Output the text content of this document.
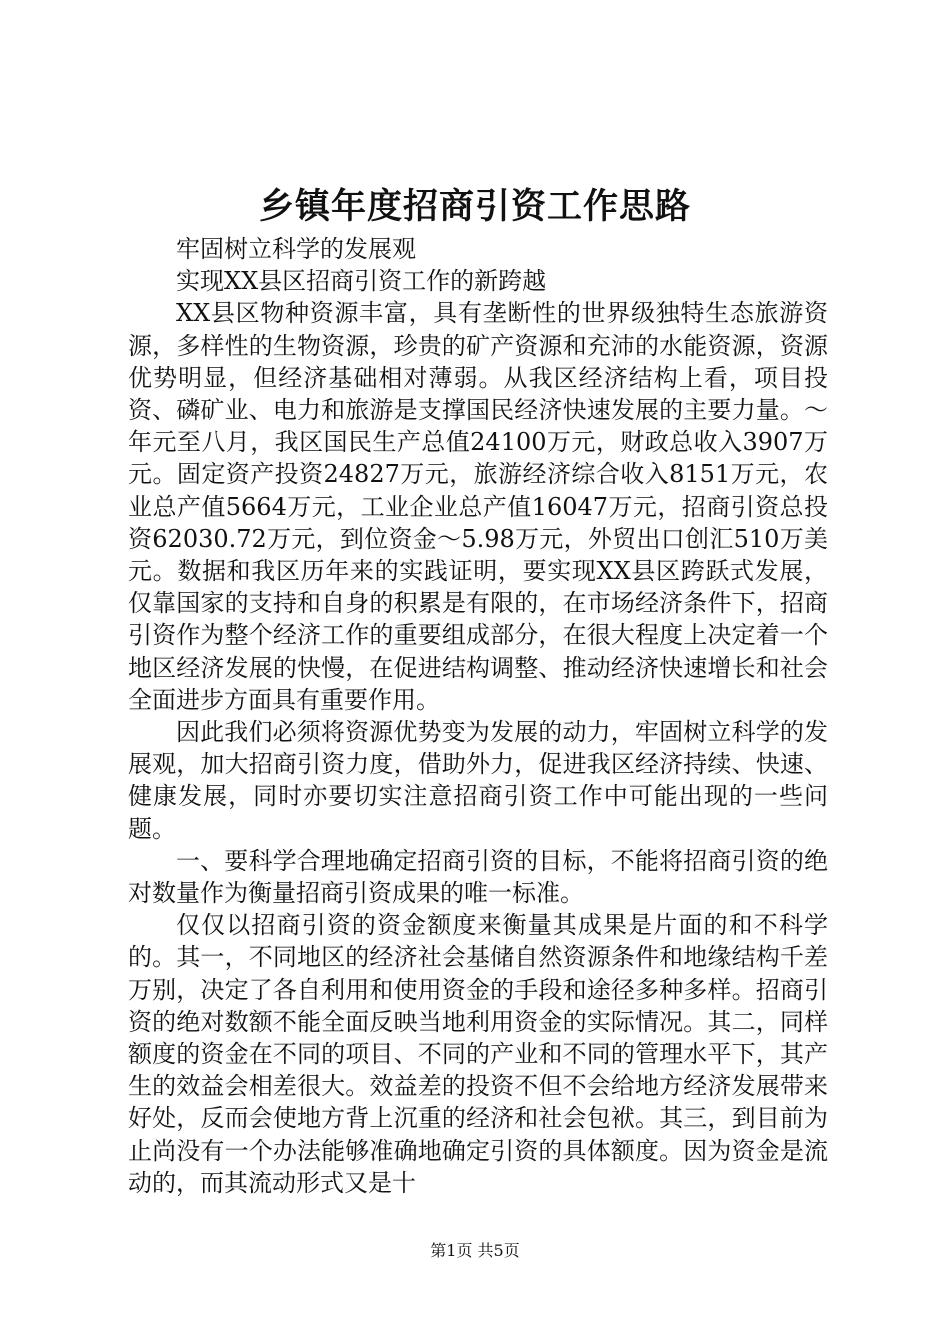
乡镇年度招商引资工作思路

牢固树立科学的发展观

实现XX县区招商引资工作的新跨越

XX县区物种资源丰富，具有垄断性的世界级独特生态旅游资源，多样性的生物资源，珍贵的矿产资源和充沛的水能资源，资源优势明显，但经济基础相对薄弱。从我区经济结构上看，项目投资、磷矿业、电力和旅游是支撑国民经济快速发展的主要力量。～年元至八月，我区国民生产总值24100万元，财政总收入3907万元。固定资产投资24827万元，旅游经济综合收入8151万元，农业总产值5664万元，工业企业总产值16047万元，招商引资总投资62030.72万元，到位资金～5.98万元，外贸出口创汇510万美元。数据和我区历年来的实践证明，要实现XX县区跨跃式发展，仅靠国家的支持和自身的积累是有限的，在市场经济条件下，招商引资作为整个经济工作的重要组成部分，在很大程度上决定着一个地区经济发展的快慢，在促进结构调整、推动经济快速增长和社会全面进步方面具有重要作用。

因此我们必须将资源优势变为发展的动力，牢固树立科学的发展观，加大招商引资力度，借助外力，促进我区经济持续、快速、健康发展，同时亦要切实注意招商引资工作中可能出现的一些问题。

一、要科学合理地确定招商引资的目标，不能将招商引资的绝对数量作为衡量招商引资成果的唯一标准。

仅仅以招商引资的资金额度来衡量其成果是片面的和不科学的。其一，不同地区的经济社会基储自然资源条件和地缘结构千差万别，决定了各自利用和使用资金的手段和途径多种多样。招商引资的绝对数额不能全面反映当地利用资金的实际情况。其二，同样额度的资金在不同的项目、不同的产业和不同的管理水平下，其产生的效益会相差很大。效益差的投资不但不会给地方经济发展带来好处，反而会使地方背上沉重的经济和社会包袱。其三，到目前为止尚没有一个办法能够准确地确定引资的具体额度。因为资金是流动的，而其流动形式又是十

第1页 共5页
